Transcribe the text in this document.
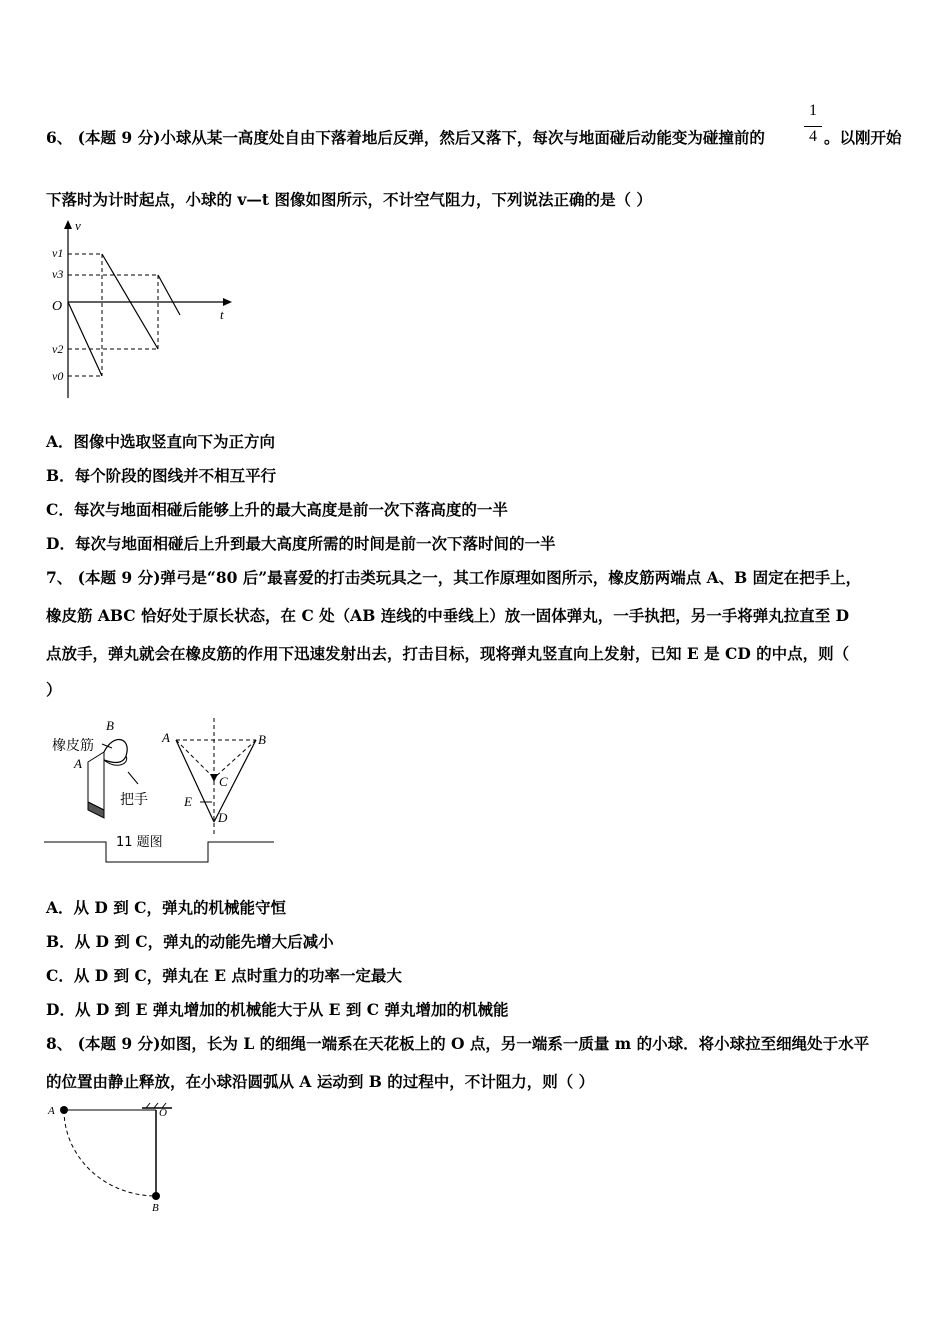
6、 (本题 9 分)小球从某一高度处自由下落着地后反弹，然后又落下，每次与地面碰后动能变为碰撞前的
1
4 。以刚开始
下落时为计时起点，小球的 v—t 图像如图所示，不计空气阻力，下列说法正确的是（ ）
v
t
O
v1
v3
v2
v0
A．图像中选取竖直向下为正方向
B．每个阶段的图线并不相互平行
C．每次与地面相碰后能够上升的最大高度是前一次下落高度的一半
D．每次与地面相碰后上升到最大高度所需的时间是前一次下落时间的一半
7、 (本题 9 分)弹弓是“80 后”最喜爱的打击类玩具之一，其工作原理如图所示，橡皮筋两端点 A、B 固定在把手上，
橡皮筋 ABC 恰好处于原长状态，在 C 处（AB 连线的中垂线上）放一固体弹丸，一手执把，另一手将弹丸拉直至 D
点放手，弹丸就会在橡皮筋的作用下迅速发射出去，打击目标，现将弹丸竖直向上发射，已知 E 是 CD 的中点，则（
）
11 题图
橡皮筋
B
A
把手
A	B
C
E
D
A．从 D 到 C，弹丸的机械能守恒
B．从 D 到 C，弹丸的动能先增大后减小
C．从 D 到 C，弹丸在 E 点时重力的功率一定最大
D．从 D 到 E 弹丸增加的机械能大于从 E 到 C 弹丸增加的机械能
8、 (本题 9 分)如图，长为 L 的细绳一端系在天花板上的 O 点，另一端系一质量 m 的小球．将小球拉至细绳处于水平
的位置由静止释放，在小球沿圆弧从 A 运动到 B 的过程中，不计阻力，则（ ）
A	O
B
